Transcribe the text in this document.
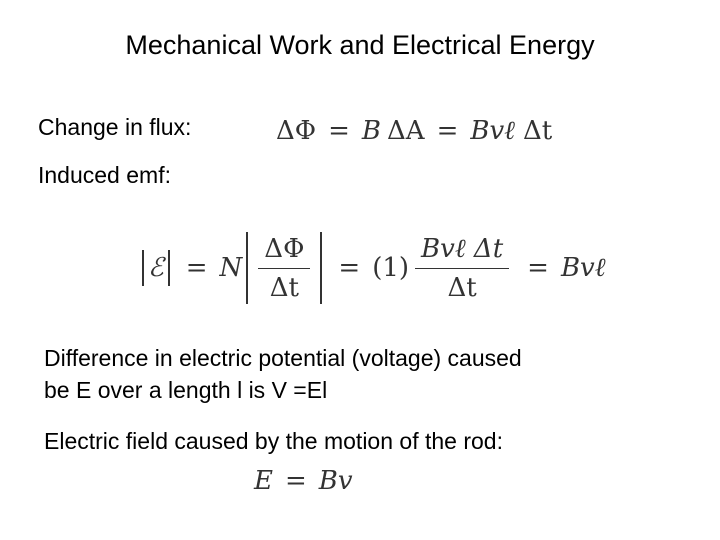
Mechanical Work and Electrical Energy
Change in flux:	ΔΦ = B ΔA = Bvℓ Δt
Induced emf:
ℰ = N $\frac{\Delta\Phi}{\Delta t} = (1) \frac{\text{Bvℓ Δt}}{\Delta t}$ = Bvℓ
Difference in electric potential (voltage) caused
be E over a length l is V =El
Electric field caused by the motion of the rod:
E = Bv
